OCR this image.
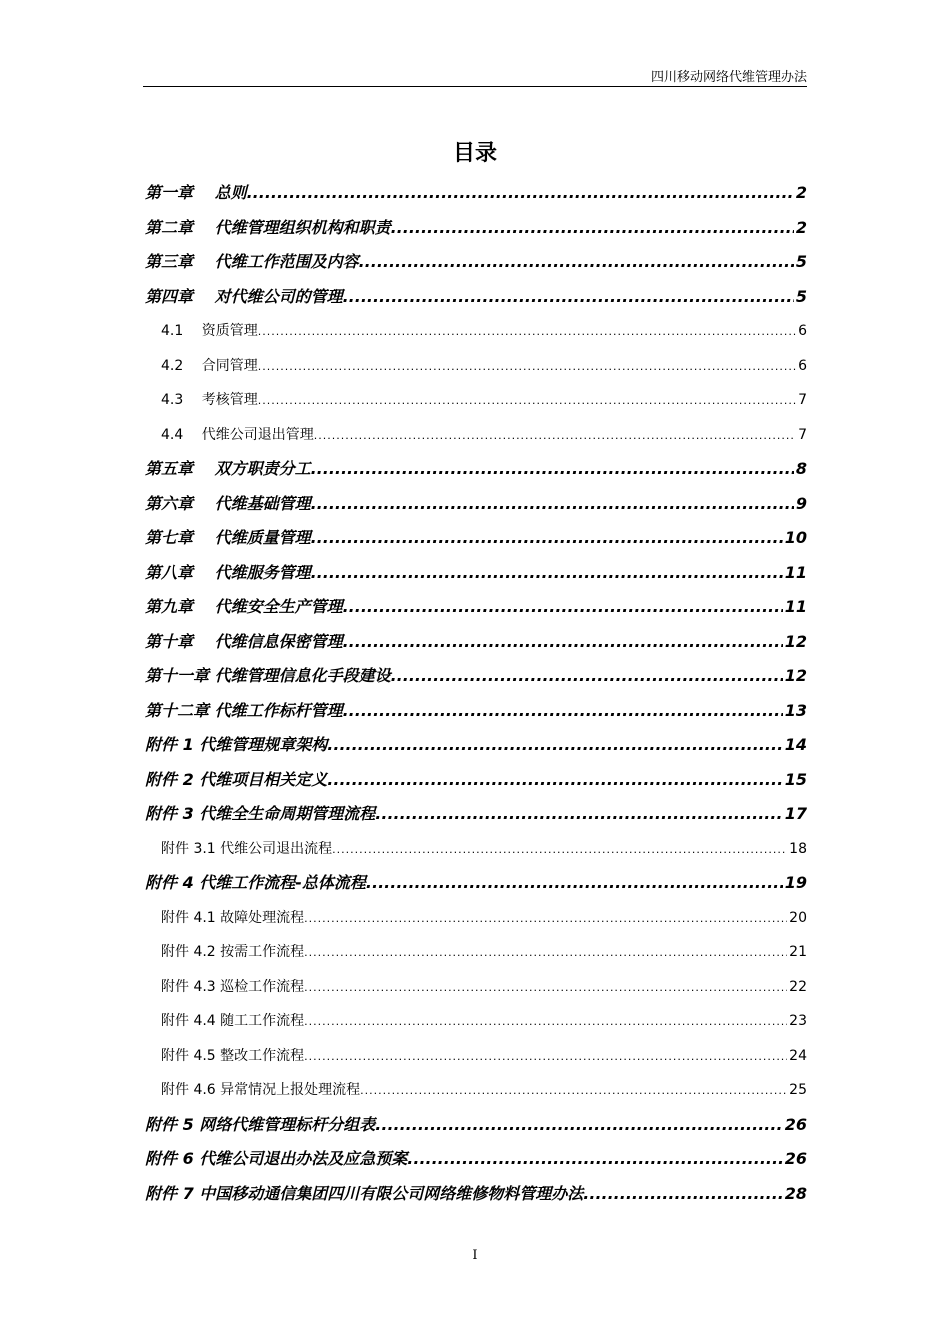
四川移动网络代维管理办法
目录
第一章　 总则 .....	2
第二章　 代维管理组织机构和职责 .....	2
第三章　 代维工作范围及内容 .....	5
第四章　 对代维公司的管理 .....	5
4.1　 资质管理 .....	6
4.2　 合同管理 .....	6
4.3　 考核管理 .....	7
4.4　 代维公司退出管理 .....	7
第五章　 双方职责分工 .....	8
第六章　 代维基础管理 .....	9
第七章　 代维质量管理 .....	10
第八章　 代维服务管理 .....	11
第九章　 代维安全生产管理 .....	11
第十章　 代维信息保密管理 .....	12
第十一章 代维管理信息化手段建设 .....	12
第十二章 代维工作标杆管理 .....	13
附件 1 代维管理规章架构 .....	14
附件 2 代维项目相关定义 .....	15
附件 3 代维全生命周期管理流程 .....	17
附件 3.1 代维公司退出流程 .....	18
附件 4 代维工作流程-总体流程 .....	19
附件 4.1 故障处理流程 .....	20
附件 4.2 按需工作流程 .....	21
附件 4.3 巡检工作流程 .....	22
附件 4.4 随工工作流程 .....	23
附件 4.5 整改工作流程 .....	24
附件 4.6 异常情况上报处理流程 .....	25
附件 5 网络代维管理标杆分组表 .....	26
附件 6 代维公司退出办法及应急预案 .....	26
附件 7 中国移动通信集团四川有限公司网络维修物料管理办法 .....	28
I
